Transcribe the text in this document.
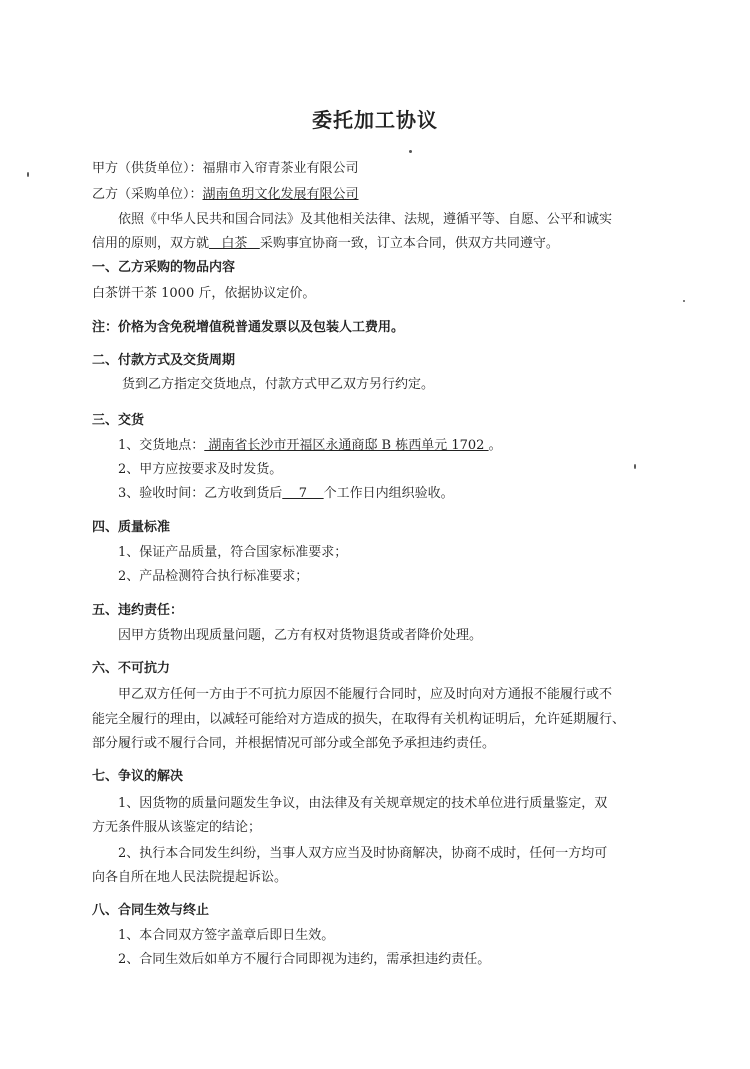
委托加工协议
甲方（供货单位）：福鼎市入帘青茶业有限公司
乙方（采购单位）：湖南鱼玥文化发展有限公司
依照《中华人民共和国合同法》及其他相关法律、法规，遵循平等、自愿、公平和诚实
信用的原则，双方就   白茶   采购事宜协商一致，订立本合同，供双方共同遵守。
一、乙方采购的物品内容
白茶饼干茶 1000 斤，依据协议定价。
注：价格为含免税增值税普通发票以及包装人工费用。
二、付款方式及交货周期
货到乙方指定交货地点，付款方式甲乙双方另行约定。
三、交货
1、交货地点： 湖南省长沙市开福区永通商邸 B 栋西单元 1702 。
2、甲方应按要求及时发货。
3、验收时间：乙方收到货后    7    个工作日内组织验收。
四、质量标准
1、保证产品质量，符合国家标准要求；
2、产品检测符合执行标准要求；
五、违约责任：
因甲方货物出现质量问题，乙方有权对货物退货或者降价处理。
六、不可抗力
甲乙双方任何一方由于不可抗力原因不能履行合同时，应及时向对方通报不能履行或不
能完全履行的理由，以减轻可能给对方造成的损失，在取得有关机构证明后，允许延期履行、
部分履行或不履行合同，并根据情况可部分或全部免予承担违约责任。
七、争议的解决
1、因货物的质量问题发生争议，由法律及有关规章规定的技术单位进行质量鉴定，双
方无条件服从该鉴定的结论；
2、执行本合同发生纠纷，当事人双方应当及时协商解决，协商不成时，任何一方均可
向各自所在地人民法院提起诉讼。
八、合同生效与终止
1、本合同双方签字盖章后即日生效。
2、合同生效后如单方不履行合同即视为违约，需承担违约责任。
